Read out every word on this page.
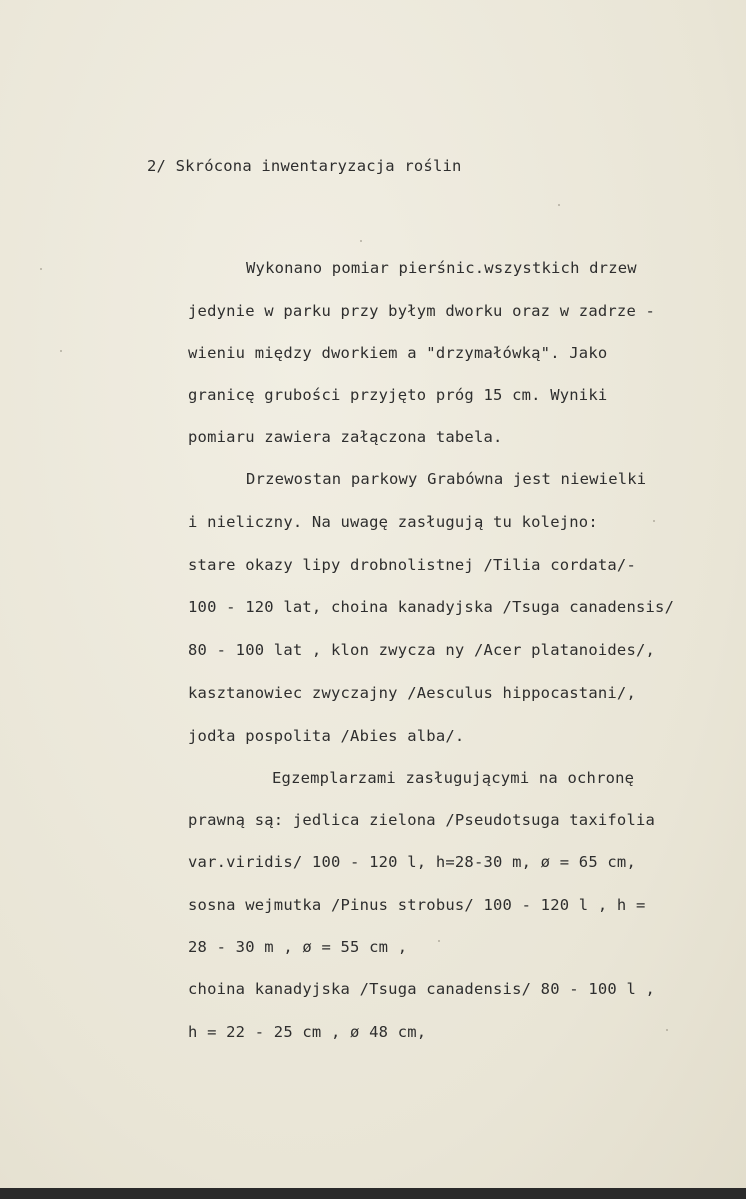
2/ Skrócona inwentaryzacja roślin
Wykonano pomiar pierśnic.wszystkich drzew
jedynie w parku przy byłym dworku oraz w zadrze -
wieniu między dworkiem a "drzymałówką". Jako
granicę grubości przyjęto próg 15 cm. Wyniki
pomiaru zawiera załączona tabela.
Drzewostan parkowy Grabówna jest niewielki
i nieliczny. Na uwagę zasługują tu kolejno:
stare okazy lipy drobnolistnej /Tilia cordata/-
100 - 120 lat, choina kanadyjska /Tsuga canadensis/
80 - 100 lat , klon zwycza ny /Acer platanoides/,
kasztanowiec zwyczajny /Aesculus hippocastani/,
jodła pospolita /Abies alba/.
Egzemplarzami zasługującymi na ochronę
prawną są: jedlica zielona /Pseudotsuga taxifolia
var.viridis/ 100 - 120 l, h=28-30 m, ø = 65 cm,
sosna wejmutka /Pinus strobus/ 100 - 120 l , h =
28 - 30 m , ø = 55 cm ,
choina kanadyjska /Tsuga canadensis/ 80 - 100 l ,
h = 22 - 25 cm , ø 48 cm,
